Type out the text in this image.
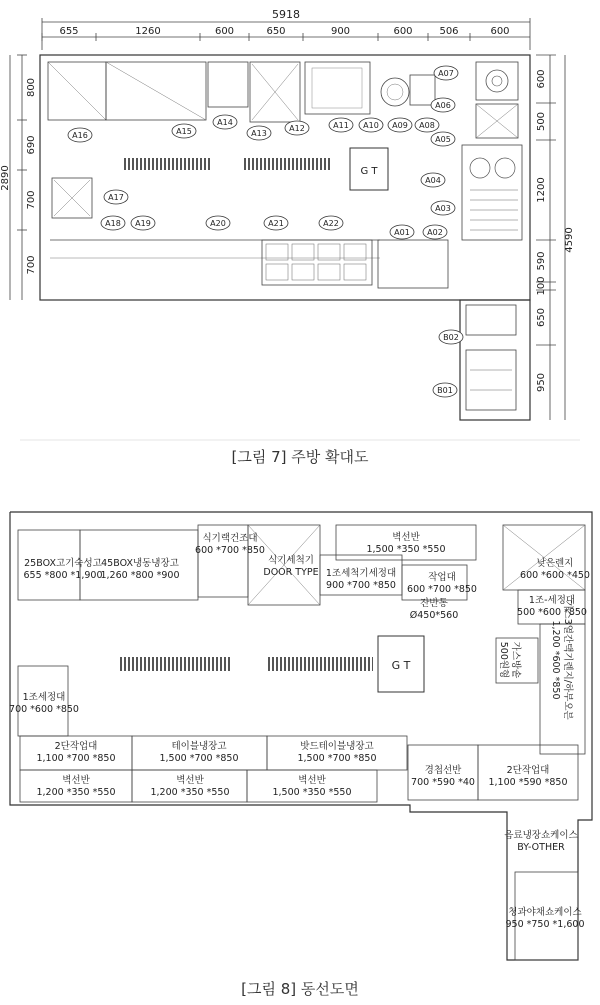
5918
655	1260	600	650	900	600	506	600
2890
800
690
700
700
4590
600
500
1200
590
100
650
950
G T
A01 A02
A03
A04
A05
A06
A07
A08
A09
A10
A11
A12
A13
A14
A15
A16
A17
A18 A19	A20	A21	A22
B01
B02
G T
25BOX고기숙성고
655 *800 *1,900
45BOX냉동냉장고
1,260 *800 *900
식기랙건조대
600 *700 *850
식기세척기
DOOR TYPE
벽선반
1,500 *350 *550
1조세척기세정대
900 *700 *850
작업대
600 *700 *850
잔반통
Ø450*560
낮은렌지
600 *600 *450
1조-세정대
500 *600 *850
가스3열간택기렌지/하부오븐
1,200 *600 *850
가스방솥
500원형
1조세정대
700 *600 *850
2단작업대
1,100 *700 *850
테이블냉장고
1,500 *700 *850
밧드테이블냉장고
1,500 *700 *850
벽선반
1,200 *350 *550
벽선반
1,200 *350 *550
벽선반
1,500 *350 *550
경첩선반
700 *590 *40
2단작업대
1,100 *590 *850
음료냉장쇼케이스
BY-OTHER
청과야채쇼케이스
950 *750 *1,600
[그림 7] 주방 확대도
[그림 8] 동선도면
